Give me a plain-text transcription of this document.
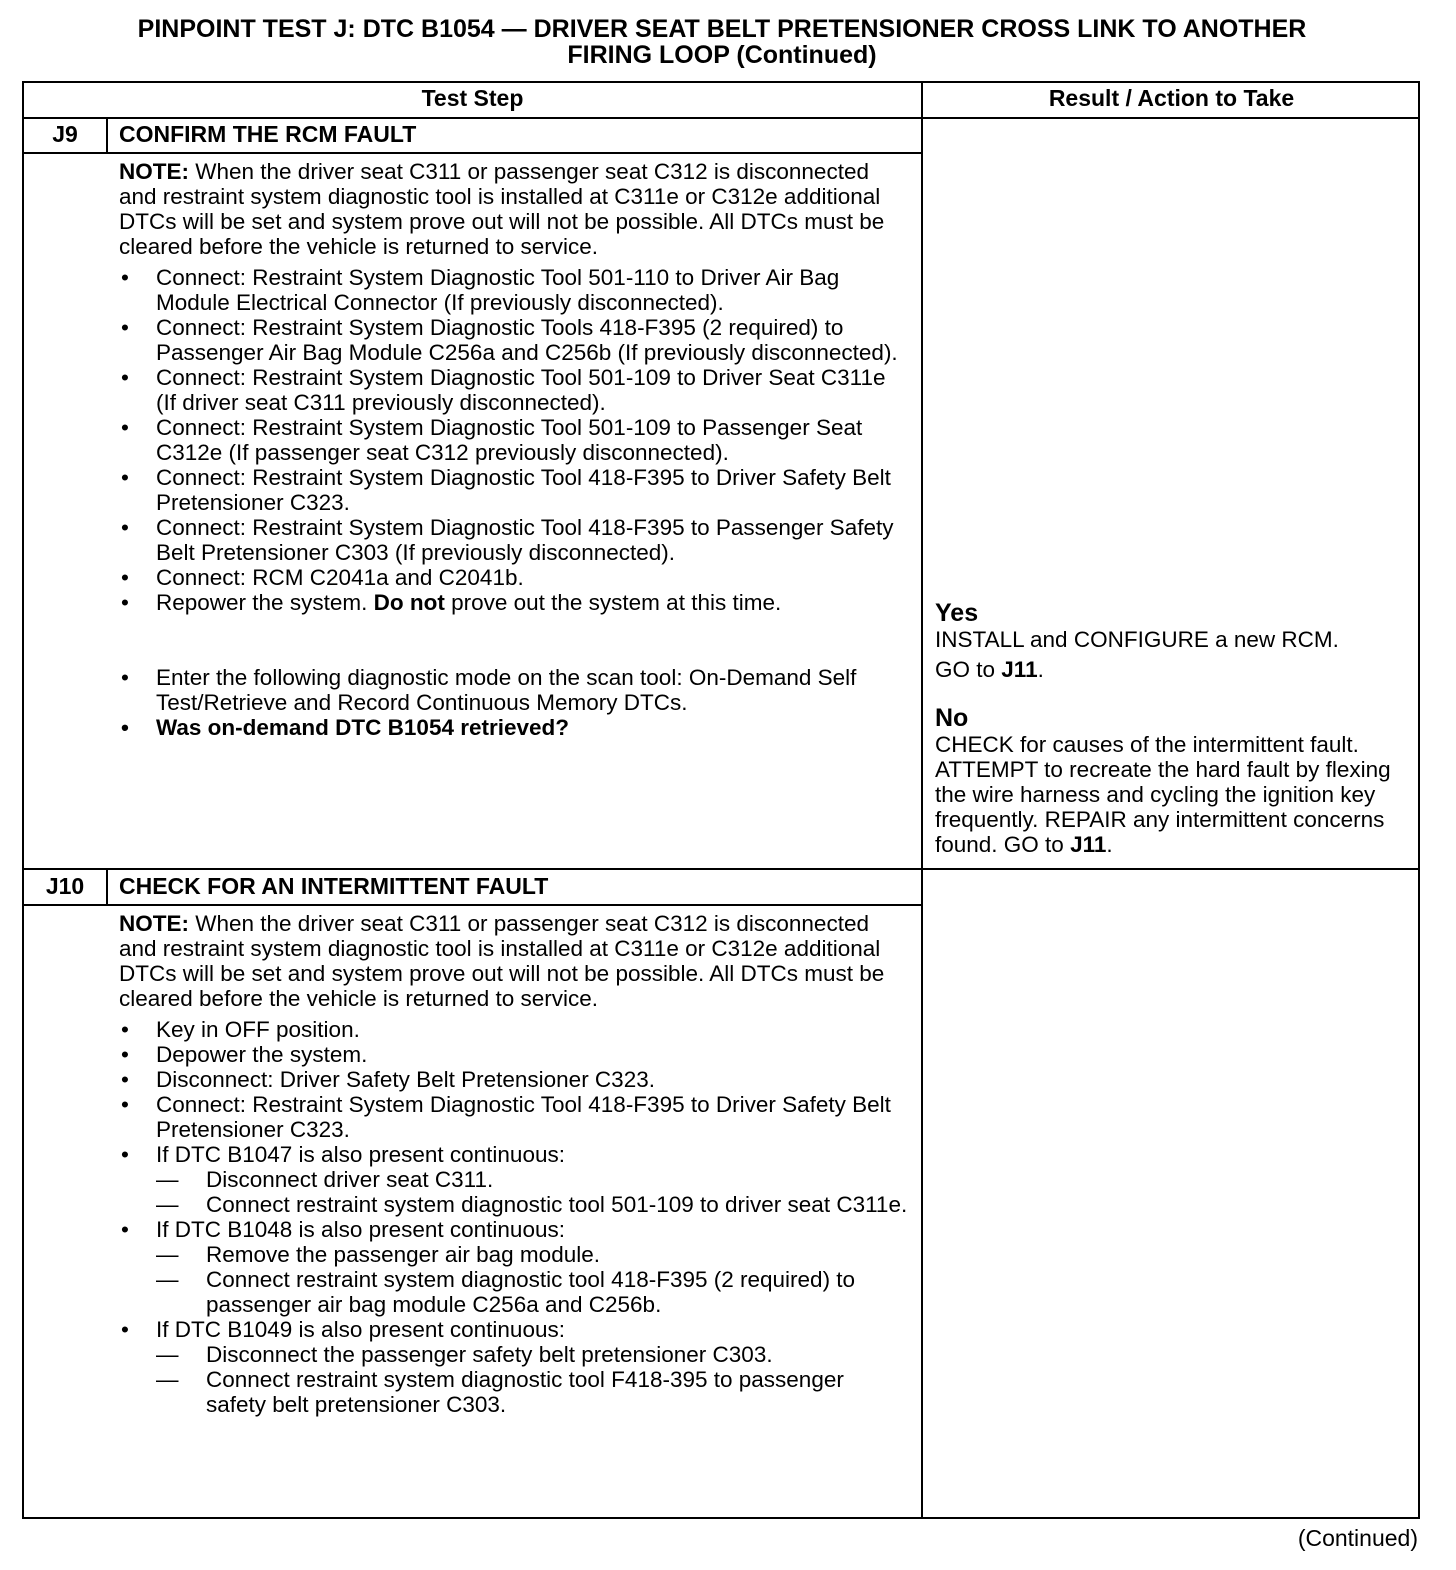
PINPOINT TEST J: DTC B1054 — DRIVER SEAT BELT PRETENSIONER CROSS LINK TO ANOTHER
FIRING LOOP (Continued)
Test Step	Result / Action to Take
J9	CONFIRM THE RCM FAULT

NOTE: When the driver seat C311 or passenger seat C312 is disconnected and restraint system diagnostic tool is installed at C311e or C312e additional DTCs will be set and system prove out will not be possible. All DTCs must be cleared before the vehicle is returned to service.

• Connect: Restraint System Diagnostic Tool 501-110 to Driver Air Bag Module Electrical Connector (If previously disconnected).
• Connect: Restraint System Diagnostic Tools 418-F395 (2 required) to Passenger Air Bag Module C256a and C256b (If previously disconnected).
• Connect: Restraint System Diagnostic Tool 501-109 to Driver Seat C311e (If driver seat C311 previously disconnected).
• Connect: Restraint System Diagnostic Tool 501-109 to Passenger Seat C312e (If passenger seat C312 previously disconnected).
• Connect: Restraint System Diagnostic Tool 418-F395 to Driver Safety Belt Pretensioner C323.
• Connect: Restraint System Diagnostic Tool 418-F395 to Passenger Safety Belt Pretensioner C303 (If previously disconnected).
• Connect: RCM C2041a and C2041b.
• Repower the system. Do not prove out the system at this time.
• Enter the following diagnostic mode on the scan tool: On-Demand Self Test/Retrieve and Record Continuous Memory DTCs.
• Was on-demand DTC B1054 retrieved?

Yes

INSTALL and CONFIGURE a new RCM.

GO to J11.

No

CHECK for causes of the intermittent fault. ATTEMPT to recreate the hard fault by flexing the wire harness and cycling the ignition key frequently. REPAIR any intermittent concerns found. GO to J11.

J10	CHECK FOR AN INTERMITTENT FAULT

NOTE: When the driver seat C311 or passenger seat C312 is disconnected and restraint system diagnostic tool is installed at C311e or C312e additional DTCs will be set and system prove out will not be possible. All DTCs must be cleared before the vehicle is returned to service.

• Key in OFF position.
• Depower the system.
• Disconnect: Driver Safety Belt Pretensioner C323.
• Connect: Restraint System Diagnostic Tool 418-F395 to Driver Safety Belt Pretensioner C323.
• If DTC B1047 is also present continuous:
— Disconnect driver seat C311.
— Connect restraint system diagnostic tool 501-109 to driver seat C311e.
• If DTC B1048 is also present continuous:
— Remove the passenger air bag module.
— Connect restraint system diagnostic tool 418-F395 (2 required) to passenger air bag module C256a and C256b.
• If DTC B1049 is also present continuous:
— Disconnect the passenger safety belt pretensioner C303.
— Connect restraint system diagnostic tool F418-395 to passenger safety belt pretensioner C303.
(Continued)
